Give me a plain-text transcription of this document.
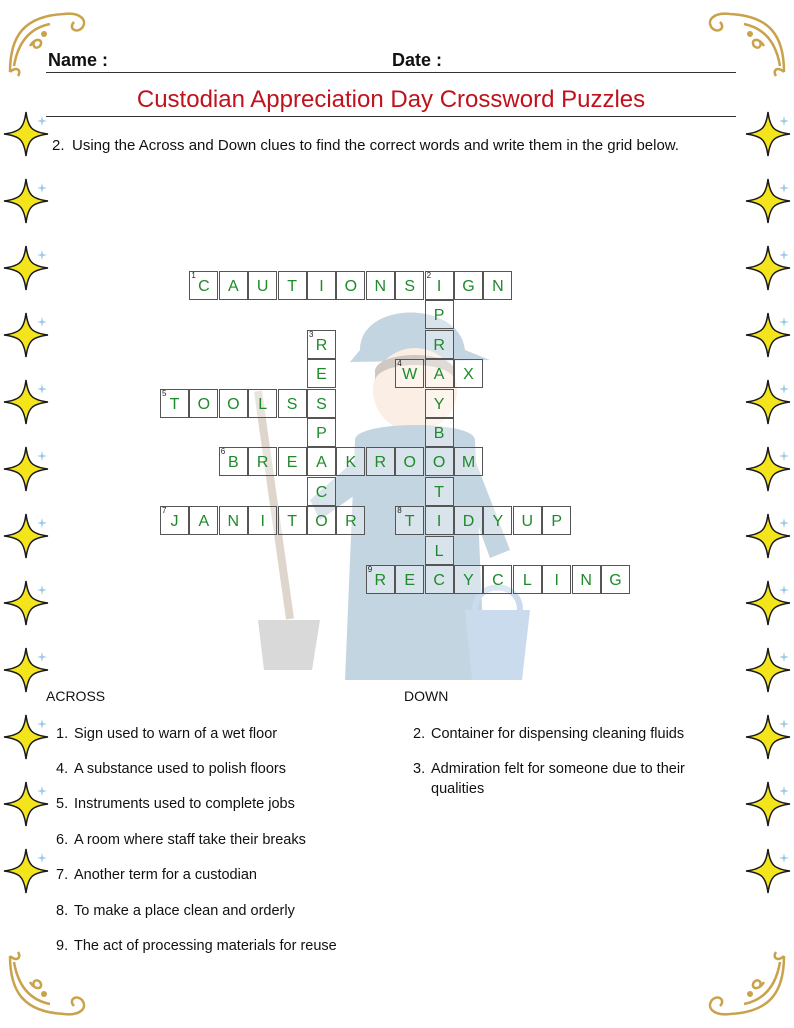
Name :	Date :
Custodian Appreciation Day Crossword Puzzles
2. Using the Across and Down clues to find the correct words and write them in the grid below.
C
1
A	U	T	I	O	N	S	I
2
G	N
W
4
A	X
T
5
O	O	L	S
B
6
R	E	A	K	R	O	O	M
J
7
A	N	I	T	O	R	T
8
I	D	Y	U	P
R
9
E	C	Y	C	L	I	N	G
P
R
Y
B
T
L
R
3
E
S
P
C
ACROSS	DOWN
1. Sign used to warn of a wet floor
4. A substance used to polish floors
5. Instruments used to complete jobs
6. A room where staff take their breaks
7. Another term for a custodian
8. To make a place clean and orderly
9. The act of processing materials for reuse
2. Container for dispensing cleaning fluids
3. Admiration felt for someone due to their qualities
